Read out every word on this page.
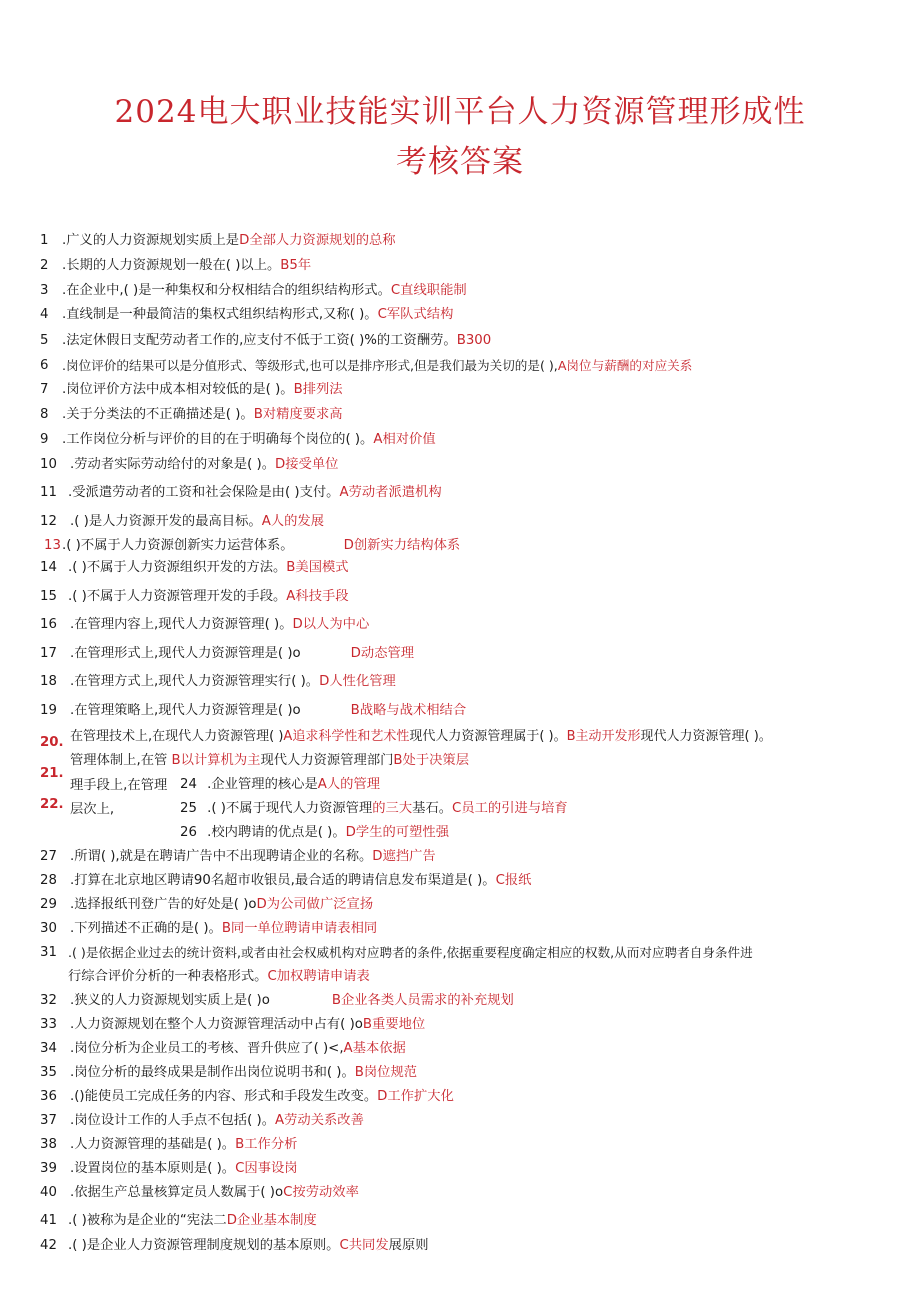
2024电大职业技能实训平台人力资源管理形成性
考核答案
1	.广义的人力资源规划实质上是D全部人力资源规划的总称
2	.长期的人力资源规划一般在( )以上。B5年
3	.在企业中,( )是一种集权和分权相结合的组织结构形式。C直线职能制
4	.直线制是一种最简洁的集权式组织结构形式,又称( )。C军队式结构
5	.法定休假日支配劳动者工作的,应支付不低于工资( )%的工资酬劳。B300
6	.岗位评价的结果可以是分值形式、等级形式,也可以是排序形式,但是我们最为关切的是( ),A岗位与薪酬的对应关系
7	.岗位评价方法中成本相对较低的是( )。B排列法
8	.关于分类法的不正确描述是( )。B对精度要求高
9	.工作岗位分析与评价的目的在于明确每个岗位的( )。A相对价值
10 .劳动者实际劳动给付的对象是( )。D接受单位
11 .受派遣劳动者的工资和社会保险是由( )支付。A劳动者派遣机构
12 .( )是人力资源开发的最高目标。A人的发展
13 .( )不属于人力资源创新实力运营体系。	D创新实力结构体系
14 .( )不属于人力资源组织开发的方法。B美国模式
15 .( )不属于人力资源管理开发的手段。A科技手段
16 .在管理内容上,现代人力资源管理( )。D以人为中心
17 .在管理形式上,现代人力资源管理是( )o	D动态管理
18 .在管理方式上,现代人力资源管理实行( )。D人性化管理
19 .在管理策略上,现代人力资源管理是( )o	B战略与战术相结合
20.
21.
22.
在管理技术上,在现代人力资源管理( )A追求科学性和艺术性现代人力资源管理属于( )。B主动开发形现代人力资源管理( )。
管理体制上,在管 B以计算机为主现代人力资源管理部门B处于决策层
理手段上,在管理
层次上,
24 .企业管理的核心是A人的管理
25 .( )不属于现代人力资源管理的三大基石。C员工的引进与培育
26 .校内聘请的优点是( )。D学生的可塑性强
27 .所谓( ),就是在聘请广告中不出现聘请企业的名称。D遮挡广告
28 .打算在北京地区聘请90名超市收银员,最合适的聘请信息发布渠道是( )。C报纸
29 .选择报纸刊登广告的好处是( )oD为公司做广泛宣扬
30 .下列描述不正确的是( )。B同一单位聘请申请表相同
31 .( )是依据企业过去的统计资料,或者由社会权威机构对应聘者的条件,依据重要程度确定相应的权数,从而对应聘者自身条件进
行综合评价分析的一种表格形式。C加权聘请申请表
32 .狭义的人力资源规划实质上是( )o	B企业各类人员需求的补充规划
33 .人力资源规划在整个人力资源管理活动中占有( )oB重要地位
34 .岗位分析为企业员工的考核、晋升供应了( )<,A基本依据
35 .岗位分析的最终成果是制作出岗位说明书和( )。B岗位规范
36 .()能使员工完成任务的内容、形式和手段发生改变。D工作扩大化
37 .岗位设计工作的人手点不包括( )。A劳动关系改善
38 .人力资源管理的基础是( )。B工作分析
39 .设置岗位的基本原则是( )。C因事设岗
40 .依据生产总量核算定员人数属于( )oC按劳动效率
41 .( )被称为是企业的“宪法二D企业基本制度
42 .( )是企业人力资源管理制度规划的基本原则。C共同发展原则
